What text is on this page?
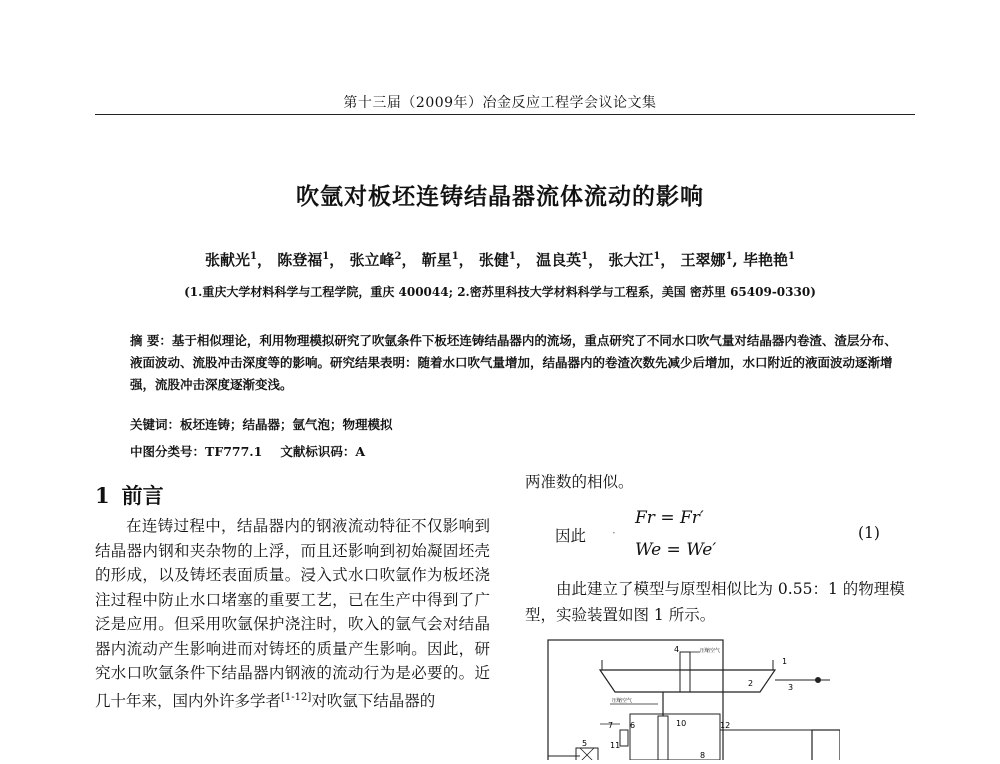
第十三届（2009年）冶金反应工程学会议论文集
吹氩对板坯连铸结晶器流体流动的影响
张献光$^1$， 陈登福$^1$， 张立峰$^2$， 靳星$^1$， 张健$^1$， 温良英$^1$， 张大江$^1$， 王翠娜$^1$, 毕艳艳$^1$
(1.重庆大学材料科学与工程学院，重庆 400044; 2.密苏里科技大学材料科学与工程系，美国 密苏里 65409-0330)
摘 要：基于相似理论，利用物理模拟研究了吹氩条件下板坯连铸结晶器内的流场，重点研究了不同水口吹气量对结晶器内卷渣、渣层分布、液面波动、流股冲击深度等的影响。研究结果表明：随着水口吹气量增加，结晶器内的卷渣次数先减少后增加，水口附近的液面波动逐渐增强，流股冲击深度逐渐变浅。
关键词：板坯连铸；结晶器；氩气泡；物理模拟
中图分类号：TF777.1 文献标识码：A
1 前言
在连铸过程中，结晶器内的钢液流动特征不仅影响到结晶器内钢和夹杂物的上浮，而且还影响到初始凝固坯壳的形成，以及铸坯表面质量。浸入式水口吹氩作为板坯浇注过程中防止水口堵塞的重要工艺，已在生产中得到了广泛是应用。但采用吹氩保护浇注时，吹入的氩气会对结晶器内流动产生影响进而对铸坯的质量产生影响。因此，研究水口吹氩条件下结晶器内钢液的流动行为是必要的。近几十年来，国内外许多学者[1-12]对吹氩下结晶器的
两准数的相似。
因此 ·
Fr = Fr′
We = We′
(1)
由此建立了模型与原型相似比为 0.55：1 的物理模型，实验装置如图 1 所示。
4	压缩空气
1
2	3
压缩空气
10	12
7 6
11
5
8
